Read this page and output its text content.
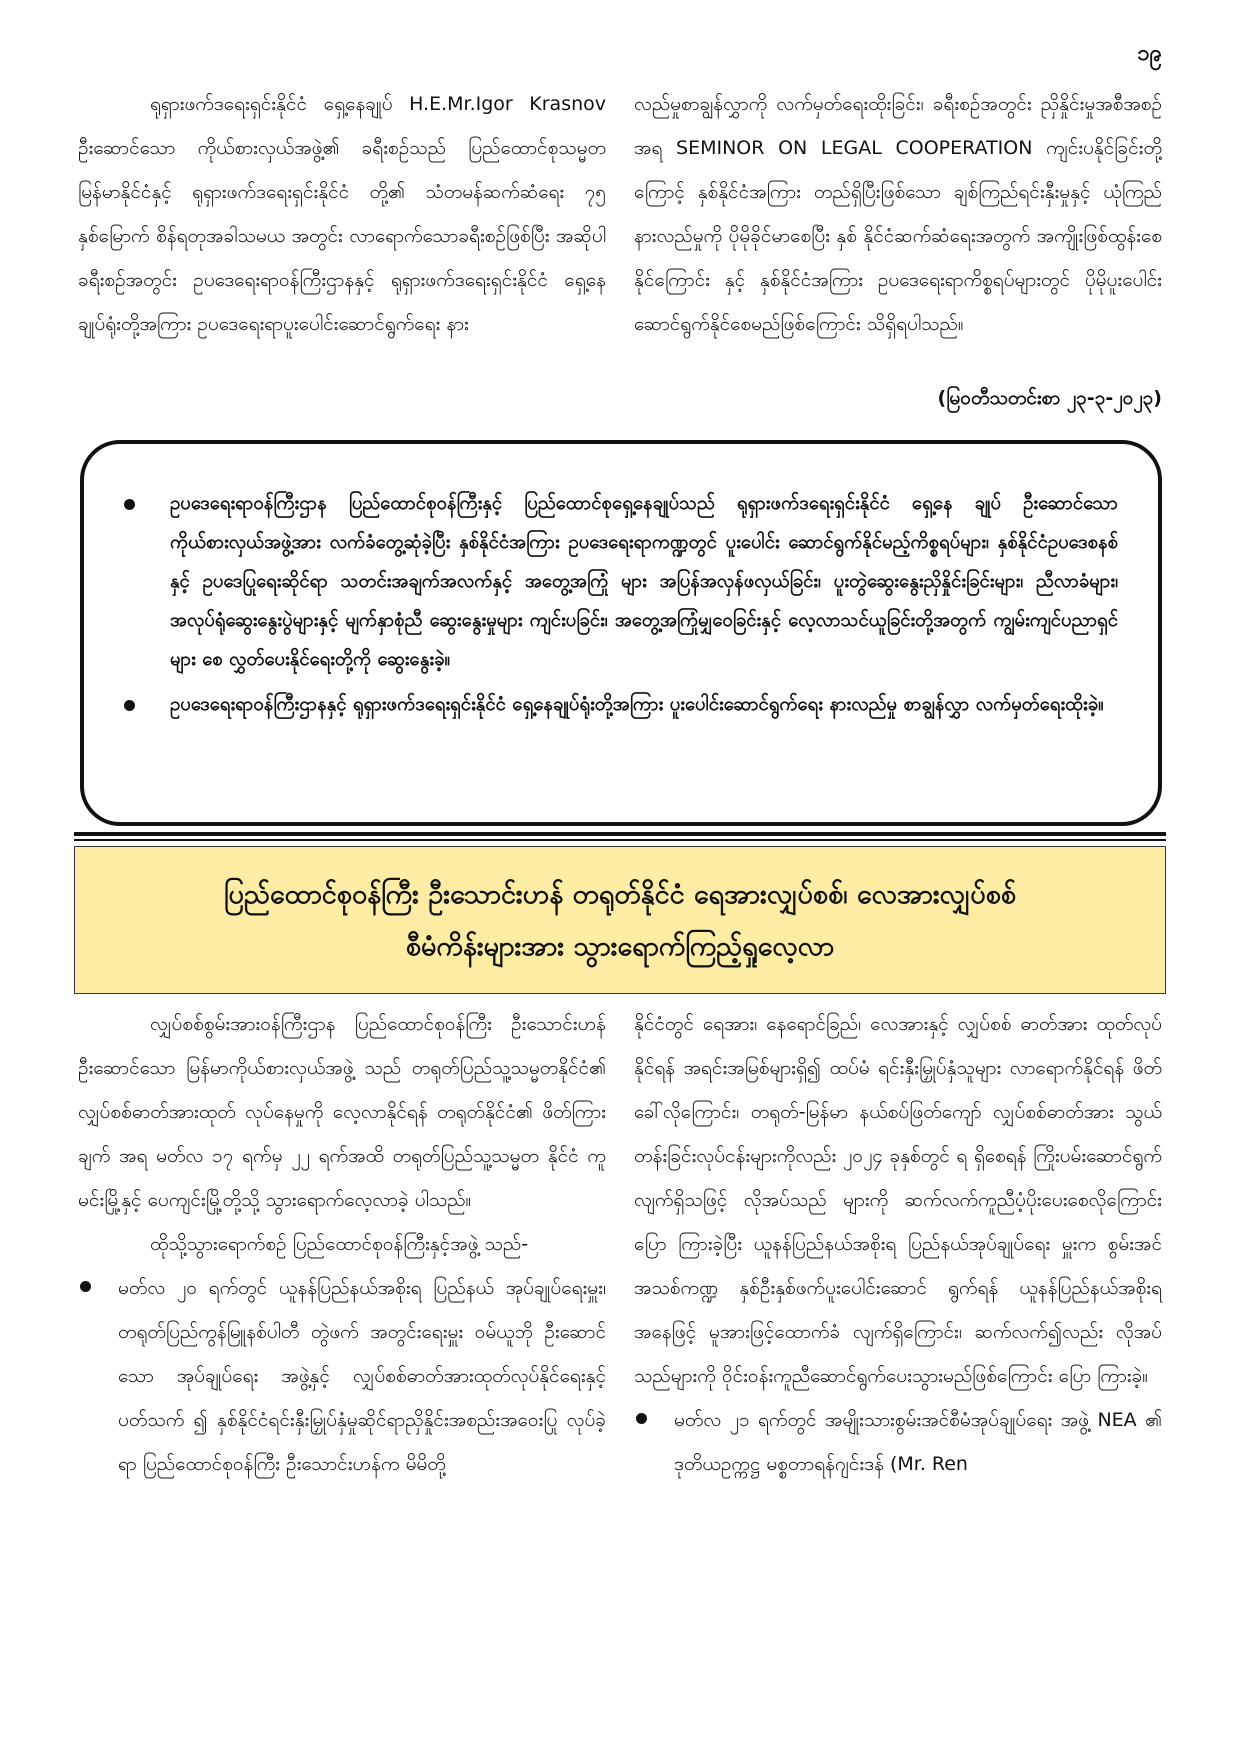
၁၉

ရုရှားဖက်ဒရေးရှင်းနိုင်ငံ ရှေ့နေချုပ် H.E.Mr.Igor Krasnov ဦးဆောင်သော ကိုယ်စားလှယ်အဖွဲ့၏ ခရီးစဉ်သည် ပြည်ထောင်စုသမ္မတမြန်မာနိုင်ငံနှင့် ရုရှားဖက်ဒရေးရှင်းနိုင်ငံ တို့၏ သံတမန်ဆက်ဆံရေး ၇၅ နှစ်မြောက် စိန်ရတုအခါသမယ အတွင်း လာရောက်သောခရီးစဉ်ဖြစ်ပြီး အဆိုပါခရီးစဉ်အတွင်း ဥပဒေရေးရာဝန်ကြီးဌာနနှင့် ရုရှားဖက်ဒရေးရှင်းနိုင်ငံ ရှေ့နေ ချုပ်ရုံးတို့အကြား ဥပဒေရေးရာပူးပေါင်းဆောင်ရွက်ရေး နား

လည်မှုစာချွန်လွှာကို လက်မှတ်ရေးထိုးခြင်း၊ ခရီးစဉ်အတွင်း ညှိနှိုင်းမှုအစီအစဉ်အရ SEMINOR ON LEGAL COOPERATION ကျင်းပနိုင်ခြင်းတို့ကြောင့် နှစ်နိုင်ငံအကြား တည်ရှိပြီးဖြစ်သော ချစ်ကြည်ရင်းနှီးမှုနှင့် ယုံကြည်နားလည်မှုကို ပိုမိုခိုင်မာစေပြီး နှစ် နိုင်ငံဆက်ဆံရေးအတွက် အကျိုးဖြစ်ထွန်းစေနိုင်ကြောင်း နှင့် နှစ်နိုင်ငံအကြား ဥပဒေရေးရာကိစ္စရပ်များတွင် ပိုမိုပူးပေါင်း ဆောင်ရွက်နိုင်စေမည်ဖြစ်ကြောင်း သိရှိရပါသည်။

(မြဝတီသတင်းစာ ၂၃-၃-၂၀၂၃)
ဥပဒေရေးရာဝန်ကြီးဌာန ပြည်ထောင်စုဝန်ကြီးနှင့် ပြည်ထောင်စုရှေ့နေချုပ်သည် ရုရှားဖက်ဒရေးရှင်းနိုင်ငံ ရှေ့နေ ချုပ် ဦးဆောင်သော ကိုယ်စားလှယ်အဖွဲ့အား လက်ခံတွေ့ဆုံခဲ့ပြီး နှစ်နိုင်ငံအကြား ဥပဒေရေးရာကဏ္ဍတွင် ပူးပေါင်း ဆောင်ရွက်နိုင်မည့်ကိစ္စရပ်များ၊ နှစ်နိုင်ငံဥပဒေစနစ်နှင့် ဥပဒေပြုရေးဆိုင်ရာ သတင်းအချက်အလက်နှင့် အတွေ့အကြုံ များ အပြန်အလှန်ဖလှယ်ခြင်း၊ ပူးတွဲဆွေးနွေးညှိနှိုင်းခြင်းများ၊ ညီလာခံများ၊ အလုပ်ရုံဆွေးနွေးပွဲများနှင့် မျက်နှာစုံညီ ဆွေးနွေးမှုများ ကျင်းပခြင်း၊ အတွေ့အကြုံမျှဝေခြင်းနှင့် လေ့လာသင်ယူခြင်းတို့အတွက် ကျွမ်းကျင်ပညာရှင်များ စေ လွှတ်ပေးနိုင်ရေးတို့ကို ဆွေးနွေးခဲ့။
ဥပဒေရေးရာဝန်ကြီးဌာနနှင့် ရုရှားဖက်ဒရေးရှင်းနိုင်ငံ ရှေ့နေချုပ်ရုံးတို့အကြား ပူးပေါင်းဆောင်ရွက်ရေး နားလည်မှု စာချွန်လွှာ လက်မှတ်ရေးထိုးခဲ့။
ပြည်ထောင်စုဝန်ကြီး ဦးသောင်းဟန် တရုတ်နိုင်ငံ ရေအားလျှပ်စစ်၊ လေအားလျှပ်စစ်
စီမံကိန်းများအား သွားရောက်ကြည့်ရှုလေ့လာ

လျှပ်စစ်စွမ်းအားဝန်ကြီးဌာန ပြည်ထောင်စုဝန်ကြီး ဦးသောင်းဟန် ဦးဆောင်သော မြန်မာကိုယ်စားလှယ်အဖွဲ့ သည် တရုတ်ပြည်သူ့သမ္မတနိုင်ငံ၏ လျှပ်စစ်ဓာတ်အားထုတ် လုပ်နေမှုကို လေ့လာနိုင်ရန် တရုတ်နိုင်ငံ၏ ဖိတ်ကြားချက် အရ မတ်လ ၁၇ ရက်မှ ၂၂ ရက်အထိ တရုတ်ပြည်သူ့သမ္မတ နိုင်ငံ ကူမင်းမြို့နှင့် ပေကျင်းမြို့တို့သို့ သွားရောက်လေ့လာခဲ့ ပါသည်။

ထိုသို့သွားရောက်စဉ် ပြည်ထောင်စုဝန်ကြီးနှင့်အဖွဲ့ သည်-

မတ်လ ၂၀ ရက်တွင် ယူနန်ပြည်နယ်အစိုးရ ပြည်နယ် အုပ်ချုပ်ရေးမှူး၊ တရုတ်ပြည်ကွန်မြူနစ်ပါတီ တွဲဖက် အတွင်းရေးမှူး ဝမ်ယူဘို ဦးဆောင်သော အုပ်ချုပ်ရေး အဖွဲ့နှင့် လျှပ်စစ်ဓာတ်အားထုတ်လုပ်နိုင်ရေးနှင့်ပတ်သက် ၍ နှစ်နိုင်ငံရင်းနှီးမြှုပ်နှံမှုဆိုင်ရာညှိနှိုင်းအစည်းအဝေးပြု လုပ်ခဲ့ရာ ပြည်ထောင်စုဝန်ကြီး ဦးသောင်းဟန်က မိမိတို့

နိုင်ငံတွင် ရေအား၊ နေရောင်ခြည်၊ လေအားနှင့် လျှပ်စစ် ဓာတ်အား ထုတ်လုပ်နိုင်ရန် အရင်းအမြစ်များရှိ၍ ထပ်မံ ရင်းနှီးမြှုပ်နှံသူများ လာရောက်နိုင်ရန် ဖိတ်ခေါ်လိုကြောင်း၊ တရုတ်-မြန်မာ နယ်စပ်ဖြတ်ကျော် လျှပ်စစ်ဓာတ်အား သွယ် တန်းခြင်းလုပ်ငန်းများကိုလည်း ၂၀၂၄ ခုနှစ်တွင် ရ ရှိစေရန် ကြိုးပမ်းဆောင်ရွက်လျက်ရှိသဖြင့် လိုအပ်သည် များကို ဆက်လက်ကူညီပံ့ပိုးပေးစေလိုကြောင်း ပြော ကြားခဲ့ပြီး ယူနန်ပြည်နယ်အစိုးရ ပြည်နယ်အုပ်ချုပ်ရေး မှူးက စွမ်းအင်အသစ်ကဏ္ဍ နှစ်ဦးနှစ်ဖက်ပူးပေါင်းဆောင် ရွက်ရန် ယူနန်ပြည်နယ်အစိုးရအနေဖြင့် မူအားဖြင့်ထောက်ခံ လျက်ရှိကြောင်း၊ ဆက်လက်၍လည်း လိုအပ်သည်များကို ဝိုင်းဝန်းကူညီဆောင်ရွက်ပေးသွားမည်ဖြစ်ကြောင်း ပြော ကြားခဲ့။

မတ်လ ၂၁ ရက်တွင် အမျိုးသားစွမ်းအင်စီမံအုပ်ချုပ်ရေး အဖွဲ့ NEA ၏ ဒုတိယဥက္ကဋ္ဌ မစ္စတာရန်ဂျင်းဒန် (Mr. Ren
